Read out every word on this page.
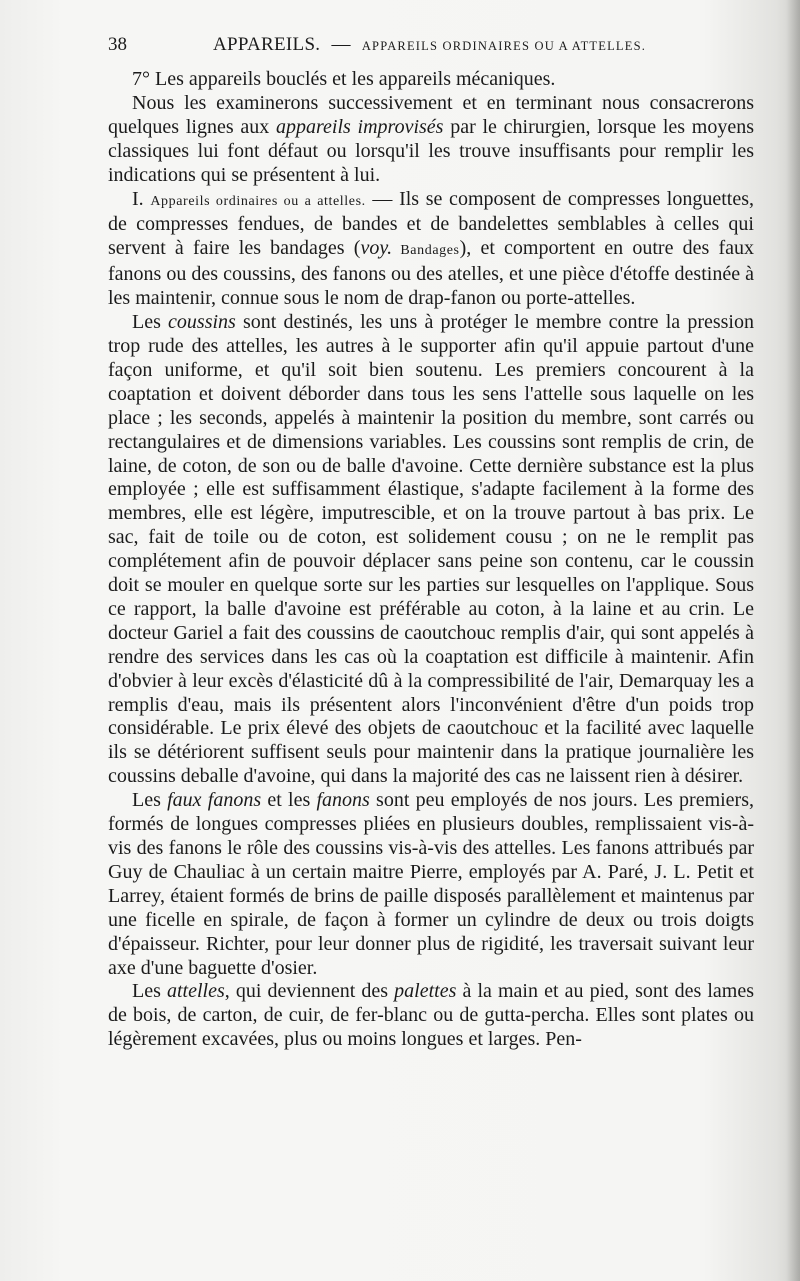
38	APPAREILS. — APPAREILS ORDINAIRES OU A ATTELLES.

7° Les appareils bouclés et les appareils mécaniques.

Nous les examinerons successivement et en terminant nous consacrerons quelques lignes aux appareils improvisés par le chirurgien, lorsque les moyens classiques lui font défaut ou lorsqu'il les trouve insuffisants pour remplir les indications qui se présentent à lui.

I. Appareils ordinaires ou a attelles. — Ils se composent de compresses longuettes, de compresses fendues, de bandes et de bandelettes semblables à celles qui servent à faire les bandages (voy. Bandages), et comportent en outre des faux fanons ou des coussins, des fanons ou des atelles, et une pièce d'étoffe destinée à les maintenir, connue sous le nom de drap-fanon ou porte-attelles.

Les coussins sont destinés, les uns à protéger le membre contre la pression trop rude des attelles, les autres à le supporter afin qu'il appuie partout d'une façon uniforme, et qu'il soit bien soutenu. Les premiers concourent à la coaptation et doivent déborder dans tous les sens l'attelle sous laquelle on les place ; les seconds, appelés à maintenir la position du membre, sont carrés ou rectangulaires et de dimensions variables. Les coussins sont remplis de crin, de laine, de coton, de son ou de balle d'avoine. Cette dernière substance est la plus employée ; elle est suffisamment élastique, s'adapte facilement à la forme des membres, elle est légère, imputrescible, et on la trouve partout à bas prix. Le sac, fait de toile ou de coton, est solidement cousu ; on ne le remplit pas complétement afin de pouvoir déplacer sans peine son contenu, car le coussin doit se mouler en quelque sorte sur les parties sur lesquelles on l'applique. Sous ce rapport, la balle d'avoine est préférable au coton, à la laine et au crin. Le docteur Gariel a fait des coussins de caoutchouc remplis d'air, qui sont appelés à rendre des services dans les cas où la coaptation est difficile à maintenir. Afin d'obvier à leur excès d'élasticité dû à la compressibilité de l'air, Demarquay les a remplis d'eau, mais ils présentent alors l'inconvénient d'être d'un poids trop considérable. Le prix élevé des objets de caoutchouc et la facilité avec laquelle ils se détériorent suffisent seuls pour maintenir dans la pratique journalière les coussins deballe d'avoine, qui dans la majorité des cas ne laissent rien à désirer.

Les faux fanons et les fanons sont peu employés de nos jours. Les premiers, formés de longues compresses pliées en plusieurs doubles, remplissaient vis-à-vis des fanons le rôle des coussins vis-à-vis des attelles. Les fanons attribués par Guy de Chauliac à un certain maitre Pierre, employés par A. Paré, J. L. Petit et Larrey, étaient formés de brins de paille disposés parallèlement et maintenus par une ficelle en spirale, de façon à former un cylindre de deux ou trois doigts d'épaisseur. Richter, pour leur donner plus de rigidité, les traversait suivant leur axe d'une baguette d'osier.

Les attelles, qui deviennent des palettes à la main et au pied, sont des lames de bois, de carton, de cuir, de fer-blanc ou de gutta-percha. Elles sont plates ou légèrement excavées, plus ou moins longues et larges. Pen-
